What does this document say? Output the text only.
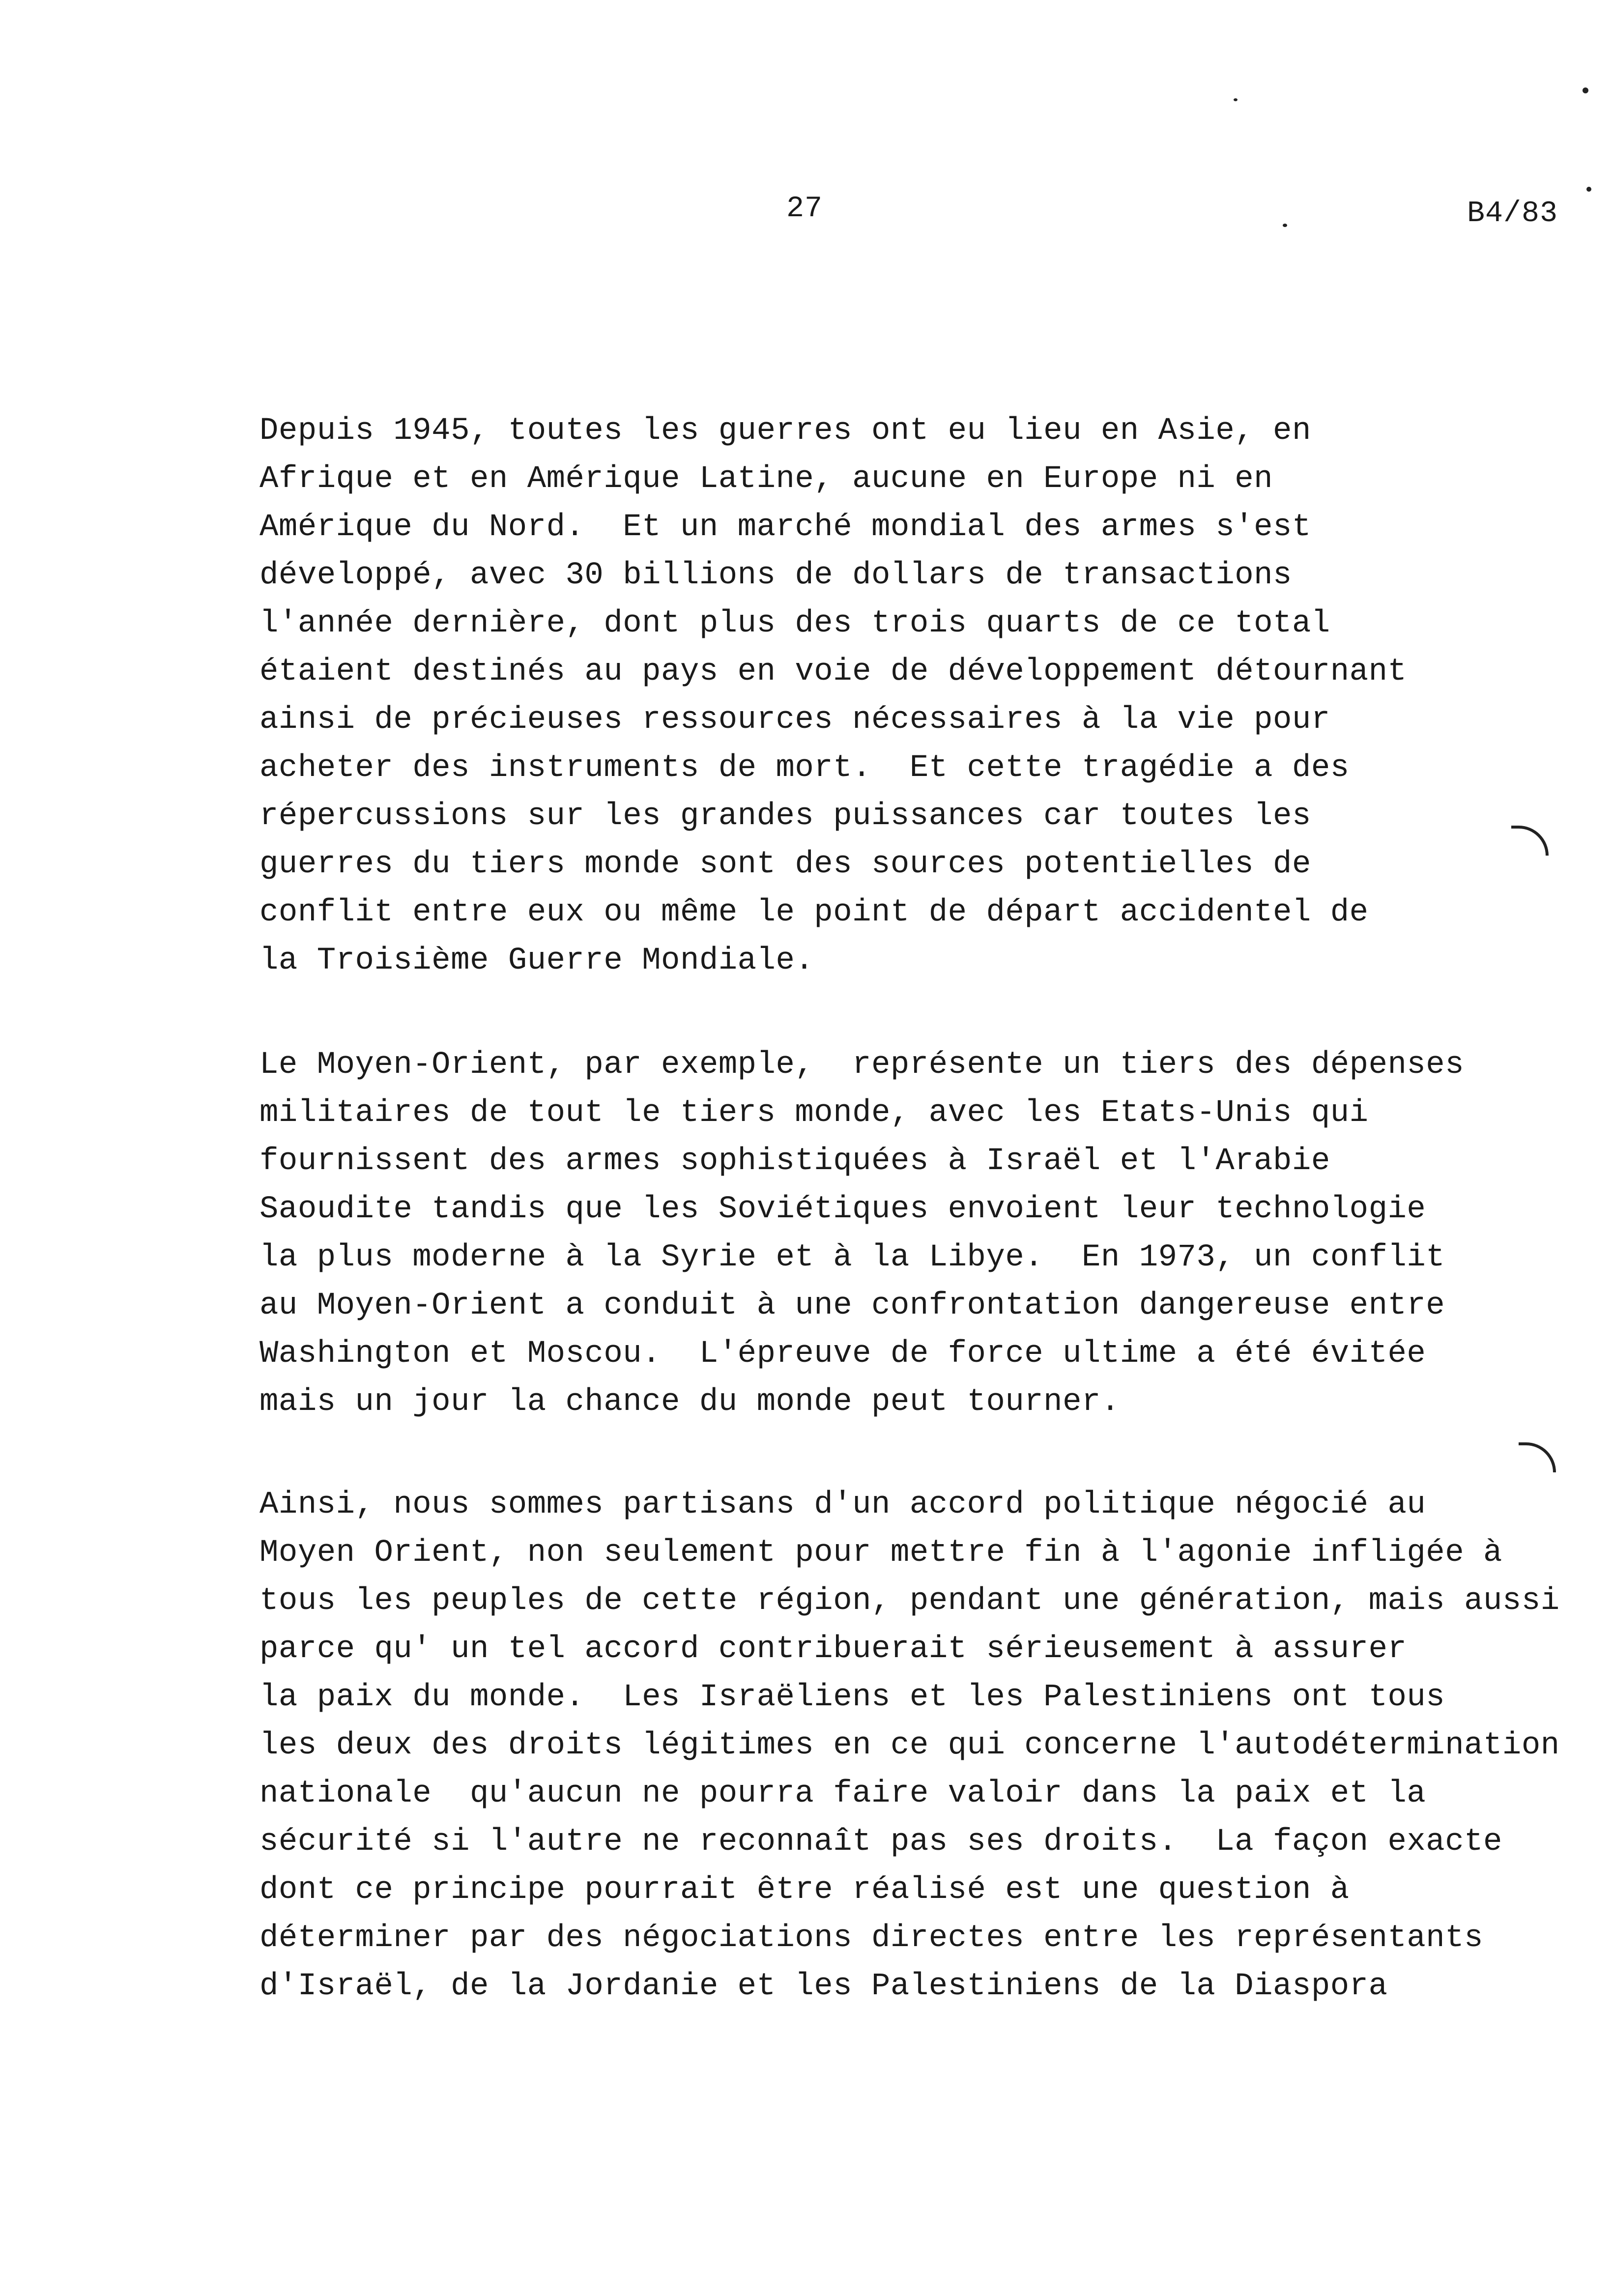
27	B4/83
Depuis 1945, toutes les guerres ont eu lieu en Asie, en
Afrique et en Amérique Latine, aucune en Europe ni en
Amérique du Nord.  Et un marché mondial des armes s'est
développé, avec 30 billions de dollars de transactions
l'année dernière, dont plus des trois quarts de ce total
étaient destinés au pays en voie de développement détournant
ainsi de précieuses ressources nécessaires à la vie pour
acheter des instruments de mort.  Et cette tragédie a des
répercussions sur les grandes puissances car toutes les
guerres du tiers monde sont des sources potentielles de
conflit entre eux ou même le point de départ accidentel de
la Troisième Guerre Mondiale.
Le Moyen-Orient, par exemple,  représente un tiers des dépenses
militaires de tout le tiers monde, avec les Etats-Unis qui
fournissent des armes sophistiquées à Israël et l'Arabie
Saoudite tandis que les Soviétiques envoient leur technologie
la plus moderne à la Syrie et à la Libye.  En 1973, un conflit
au Moyen-Orient a conduit à une confrontation dangereuse entre
Washington et Moscou.  L'épreuve de force ultime a été évitée
mais un jour la chance du monde peut tourner.
Ainsi, nous sommes partisans d'un accord politique négocié au
Moyen Orient, non seulement pour mettre fin à l'agonie infligée à
tous les peuples de cette région, pendant une génération, mais aussi
parce qu' un tel accord contribuerait sérieusement à assurer
la paix du monde.  Les Israëliens et les Palestiniens ont tous
les deux des droits légitimes en ce qui concerne l'autodétermination
nationale  qu'aucun ne pourra faire valoir dans la paix et la
sécurité si l'autre ne reconnaît pas ses droits.  La façon exacte
dont ce principe pourrait être réalisé est une question à
déterminer par des négociations directes entre les représentants
d'Israël, de la Jordanie et les Palestiniens de la Diaspora
